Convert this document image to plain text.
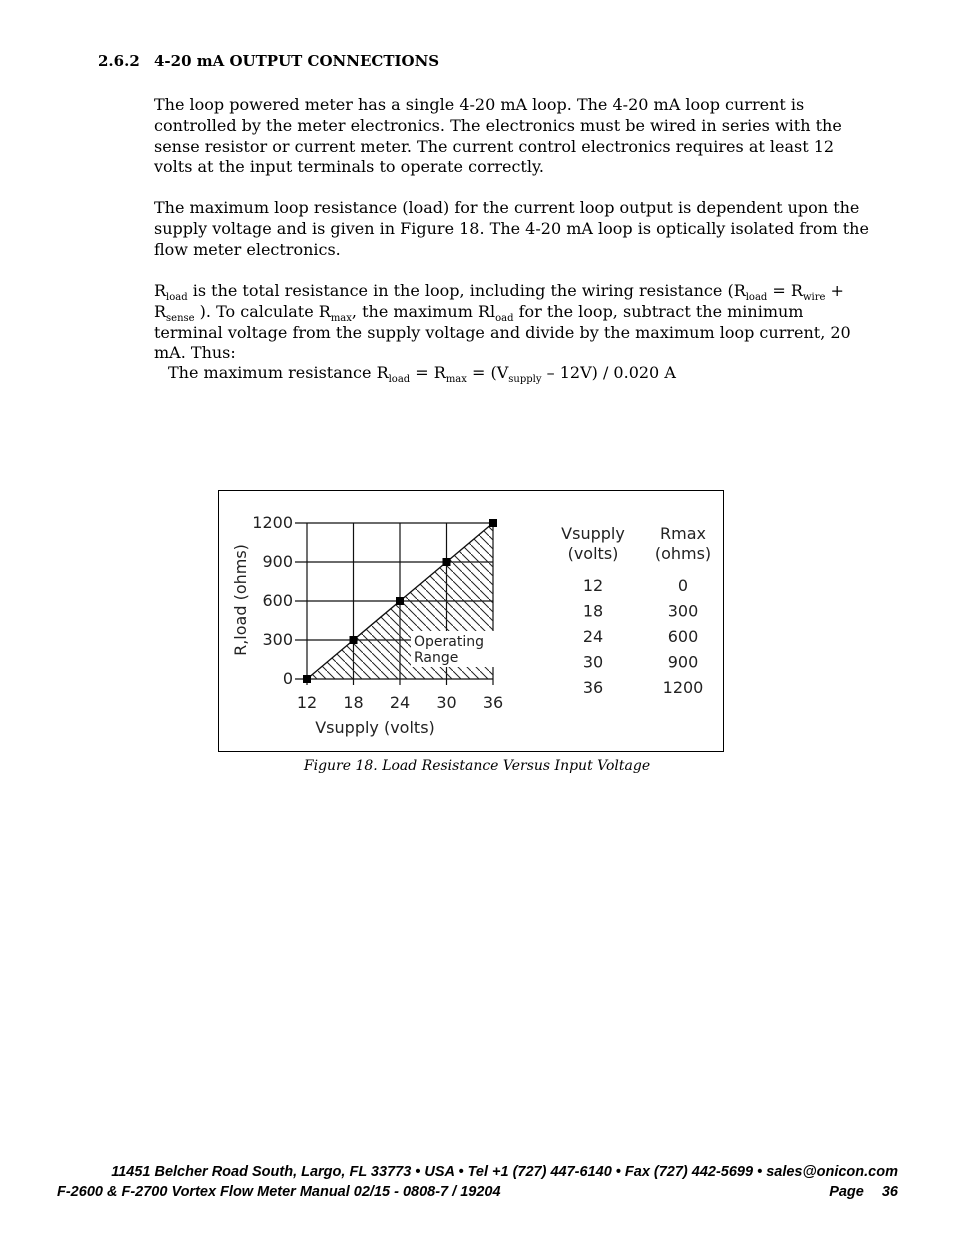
2.6.2 4-20 mA OUTPUT CONNECTIONS

The loop powered meter has a single 4-20 mA loop. The 4-20 mA loop current is controlled by the meter electronics. The electronics must be wired in series with the sense resistor or current meter. The current control electronics requires at least 12 volts at the input terminals to operate correctly.

The maximum loop resistance (load) for the current loop output is dependent upon the supply voltage and is given in Figure 18. The 4-20 mA loop is optically isolated from the flow meter electronics.

$R_{load}$ is the total resistance in the loop, including the wiring resistance ($R_{load} = R_{wire} + R_{sense}$ ). To calculate $R_{max}$, the maximum $Rl_{oad}$ for the loop, subtract the minimum terminal voltage from the supply voltage and divide by the maximum loop current, 20 mA. Thus:

The maximum resistance $R_{load} = R_{max} = (V_{supply} - 12V) / 0.020$ A
Operating
Range
12 18 24 30 36
0
300
600
900
1200
Vsupply (volts)
R,load (ohms)
Vsupply
(volts)
Rmax
(ohms)
12	0
18	300
24	600
30	900
36	1200
Figure 18. Load Resistance Versus Input Voltage
11451 Belcher Road South, Largo, FL 33773 • USA • Tel +1 (727) 447-6140 • Fax (727) 442-5699 • sales@onicon.com
F-2600 & F-2700 Vortex Flow Meter Manual 02/15 - 0808-7 / 19204	Page 36
